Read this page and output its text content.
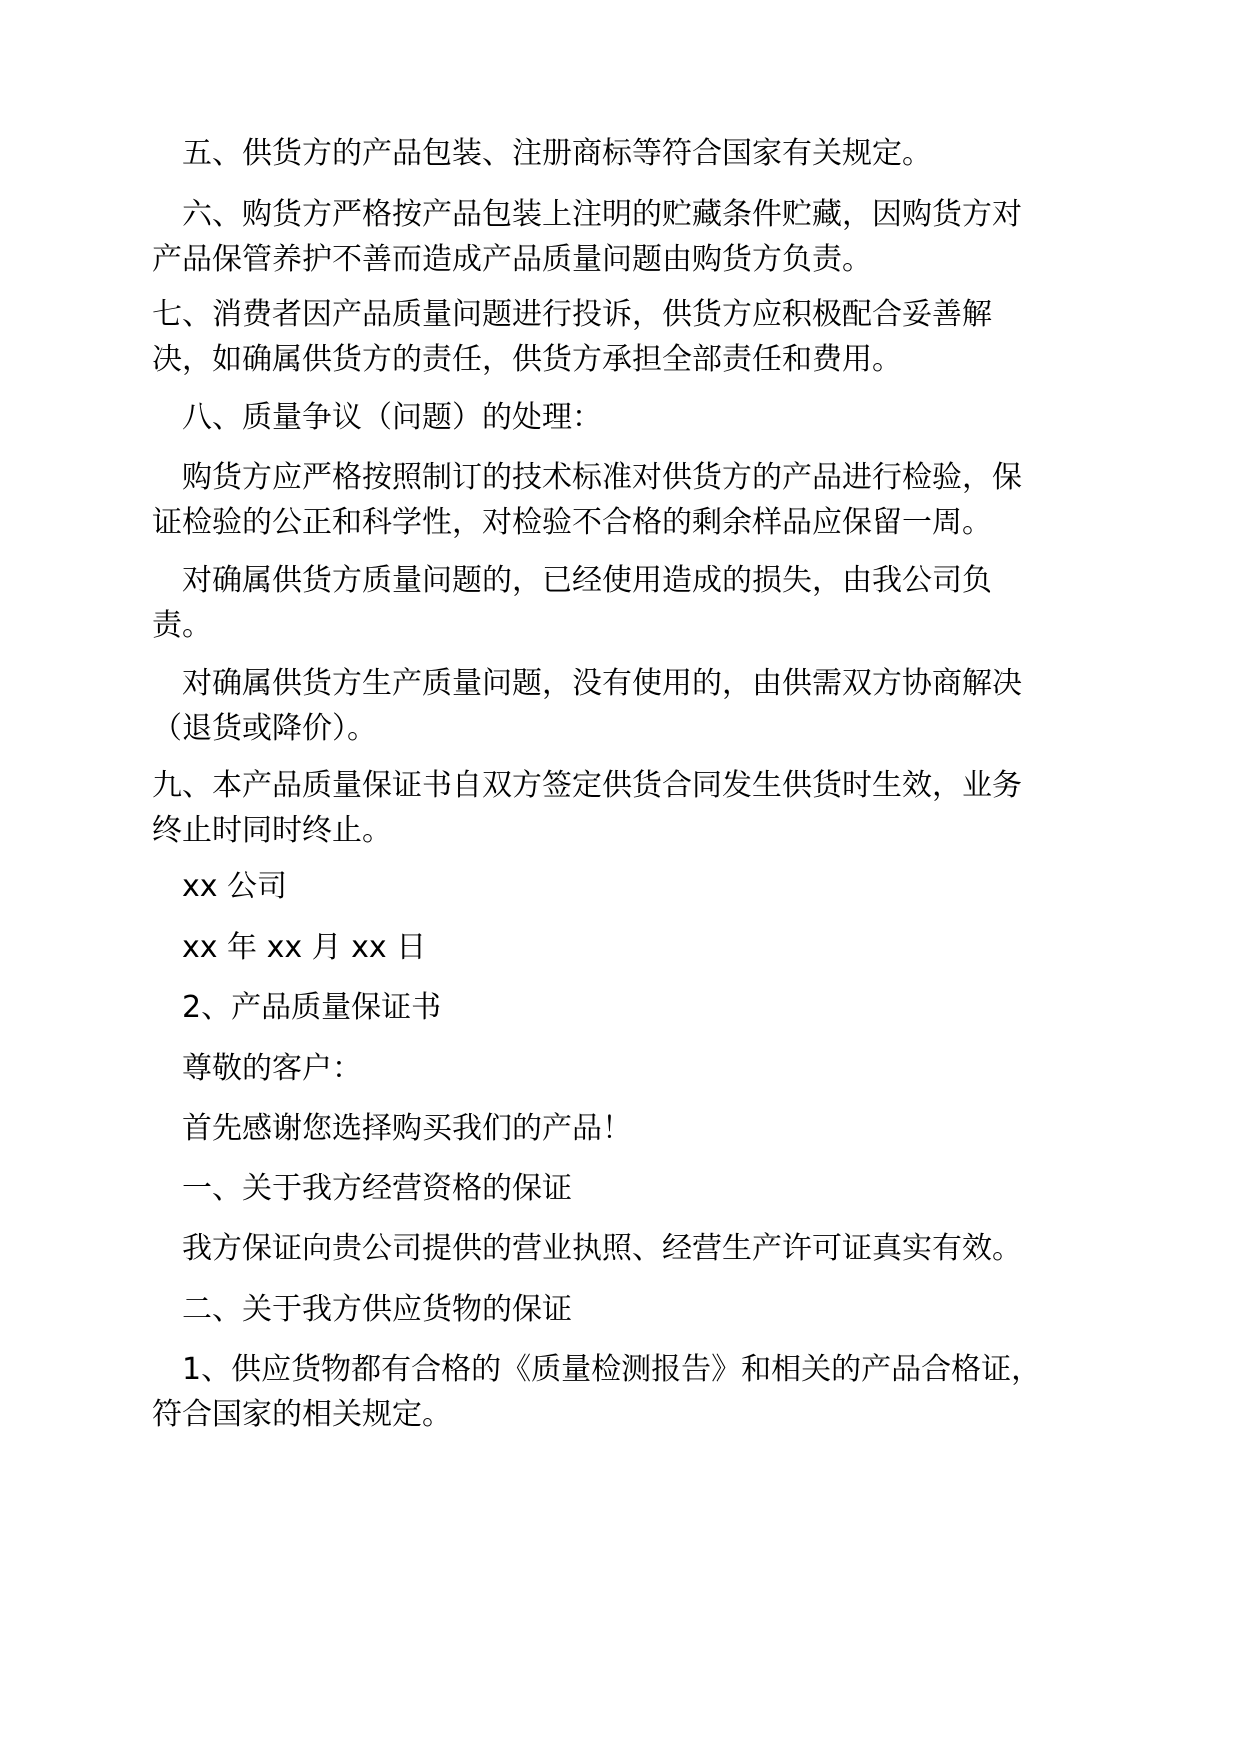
　五、供货方的产品包装、注册商标等符合国家有关规定。
　六、购货方严格按产品包装上注明的贮藏条件贮藏，因购货方对
产品保管养护不善而造成产品质量问题由购货方负责。
七、消费者因产品质量问题进行投诉，供货方应积极配合妥善解
决，如确属供货方的责任，供货方承担全部责任和费用。
　八、质量争议（问题）的处理：
　购货方应严格按照制订的技术标准对供货方的产品进行检验，保
证检验的公正和科学性，对检验不合格的剩余样品应保留一周。
　对确属供货方质量问题的，已经使用造成的损失，由我公司负
责。
　对确属供货方生产质量问题，没有使用的，由供需双方协商解决
（退货或降价）。
九、本产品质量保证书自双方签定供货合同发生供货时生效，业务
终止时同时终止。
　xx 公司
　xx 年 xx 月 xx 日
　2、产品质量保证书
　尊敬的客户：
　首先感谢您选择购买我们的产品！
　一、关于我方经营资格的保证
　我方保证向贵公司提供的营业执照、经营生产许可证真实有效。
　二、关于我方供应货物的保证
　1、供应货物都有合格的《质量检测报告》和相关的产品合格证，
符合国家的相关规定。
